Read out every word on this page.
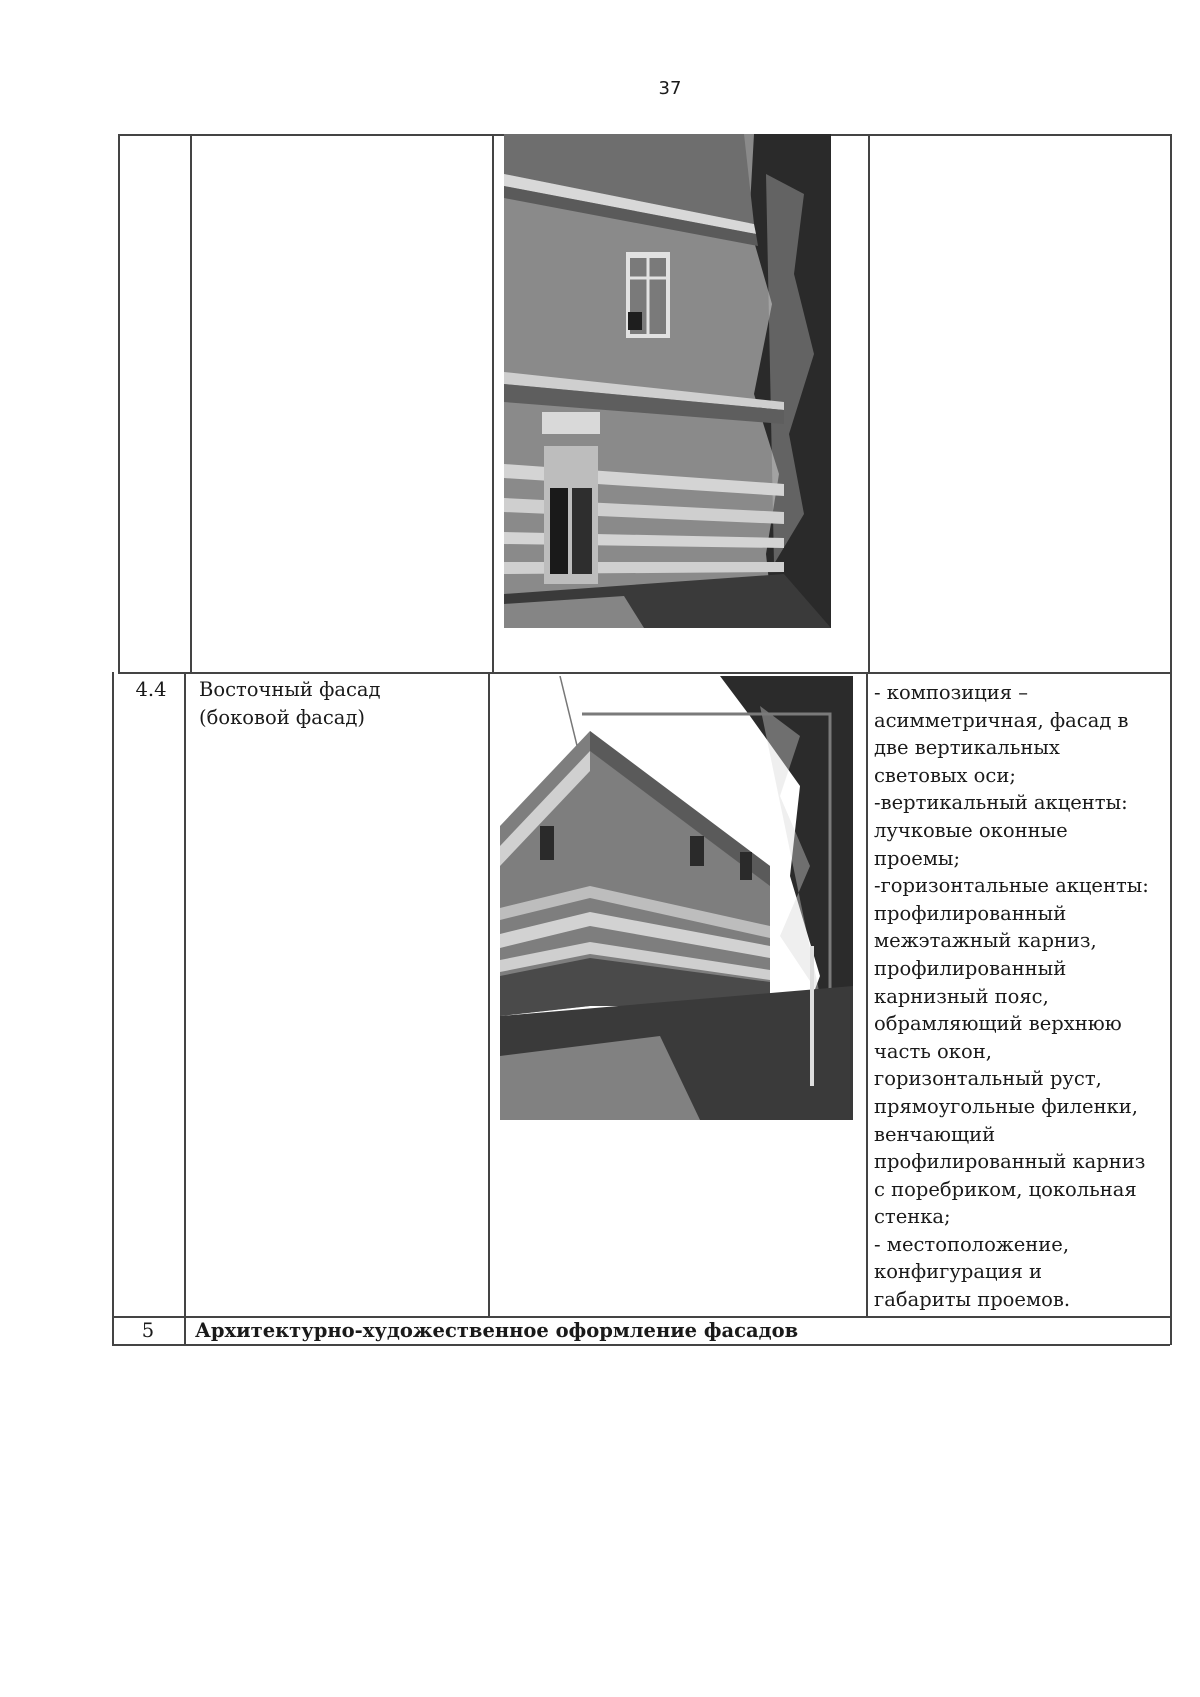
37
4.4	Восточный фасад
(боковой фасад)
- композиция –
асимметричная, фасад в
две вертикальных
световых оси;
-вертикальный акценты:
лучковые оконные
проемы;
-горизонтальные акценты:
профилированный
межэтажный карниз,
профилированный
карнизный пояс,
обрамляющий верхнюю
часть окон,
горизонтальный руст,
прямоугольные филенки,
венчающий
профилированный карниз
с поребриком, цокольная
стенка;
- местоположение,
конфигурация и
габариты проемов.
5	Архитектурно-художественное оформление фасадов
